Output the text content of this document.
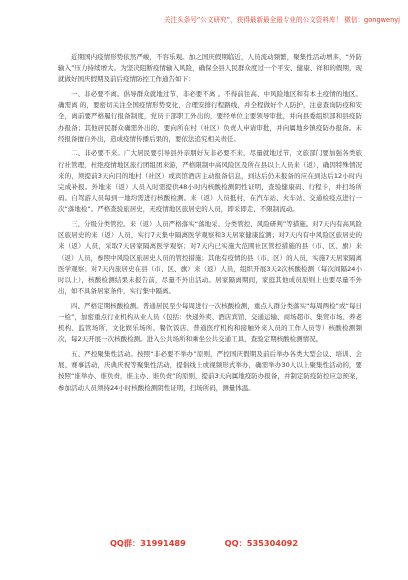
关注头条号“公文研究”，获得最新最全最专业的公文资料库！ 微信：gongwenyj

近期国内疫情形势依然严峻，不容乐观。加之国庆假期临近，人员流动频繁，聚集性活动增多，“外防输入”压力持续增大。为坚决阻断疫情输入风险，确保全县人民群众度过一个平安、健康、祥和的假期，现就做好国庆假期及前后疫情防控工作通告如下：

一、非必要不离。倡导群众就地过节，非必要不离 。不得前往高、中风险地区和有本土疫情的地区。确需离 的，要密切关注全国疫情形势变化，合理安排行程路线，并全程做好个人防护，注意查询防疫和安全，离前要严格履行报备制度，党员干部职工外出的，要经单位主要领导审批，并向县委组织部和县疫防办报备；其他居民群众确需外出的，要向所在村（社区）负责人申请审批，并向属地乡镇疫防办报备。未经报备擅自外出，造成疫情传播后果的，要依法追究相关责任。

二、非必要不来。广大居民要引导县外亲朋好友非必要不来，尽量就地过节，文旅部门要加强各类旅行社管理，杜绝疫情地区旅行团组团来游，严格限制中高风险区及所在县以上人员来（返），确因特殊情况来的，须提前3天向目的地村（社区）或宾馆酒店主动报备信息，到达后仍未报备的应在到达后12小时内完成补报。外地来（返）人员入时需提供48小时内核酸检测阴性证明，查验健康码、行程卡，并扫场所码。自驾游人员每到一地均需进行核酸检测。来（返）人员抵村，在汽车站、火车站、交通检疫点进行一次“落地检”。严格查验旅居史，无疫情地区旅居史的人员，即采即走、不限制流动。

三、分级分类管控。来（返）人员严格落实“落地采、分类管控、风险研判”等措施。对7天内有高风险区旅居史的来（返）人员，实行7天集中隔离医学观察和3天居家健康监测；对7天内有中风险区旅居史的来（返）人员，采取7天居家隔离医学观察；对7天内已实施大范围社区管控措施的县（市、区、旗）来（返）人员，参照中风险区旅居史人员的管控措施；其他有疫情的县（市、区）的人员，实施7天居家隔离医学观察；对7天内旅居史在县（市、区、旗）来（返）人员，组织开展3天2次核酸检测（每次间隔24小时以上），核酸检测结果未报告前，尽量不外出活动。居家隔离期间，家庭其他成员原则上也要尽量不外出，如不具备居家条件，实行集中隔离。

四、严格定期核酸检测。普通居民至少每周进行一次核酸检测，重点人群分类落实“每周两检”或“每日一检”，加密重点行业机构从业人员（包括：快递外卖、酒店宾馆、交通运输、商场超市、集贸市场、养老机构、监管场所、文化娱乐场所、餐饮饭店、普通医疗机构和接触外来人员的工作人员等）核酸检测频次，每2天开展一次核酸检测。进入公共场所和乘坐公共交通工具，查验定期核酸检测情况。

五、严控聚集性活动。按照“非必要不举办”原则，严控国庆假期及前后举办各类大型会议、培训、会展、赛事活动，庆典庆祝等聚集性活动，提倡线上或视频形式举办，确需举办30人以上聚集性活动的，要按照“谁举办、谁负责，谁主办、谁负责”的原则，提前3天向属地疫防办报备，并制定防疫防控应急预案，参加活动人员须持24小时核酸检测阴性证明，扫场所码，测量体温。

QQ群：31991489	QQ：535304092
